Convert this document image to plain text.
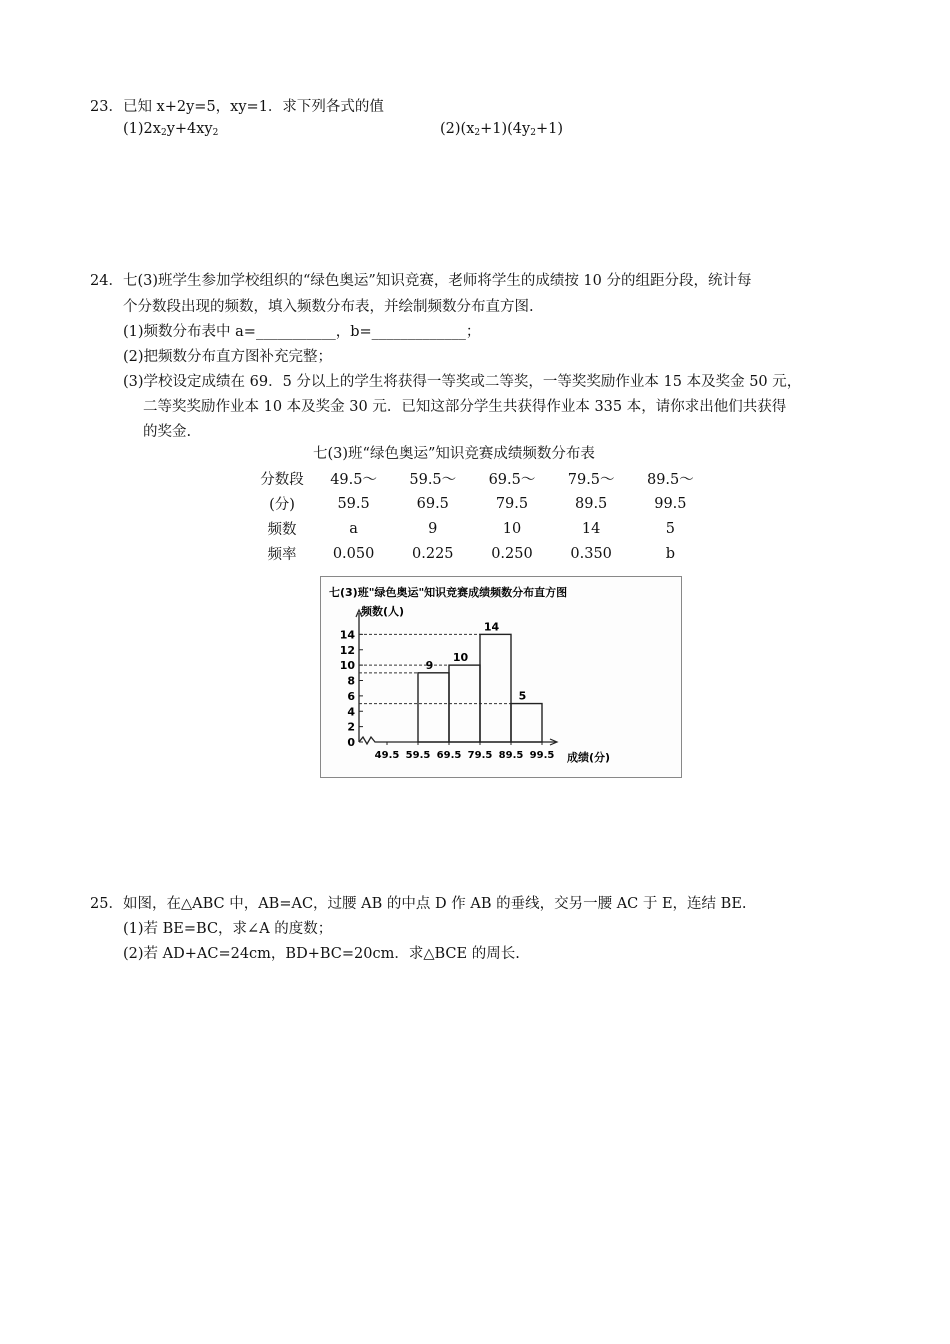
23．已知 x+2y=5，xy=1．求下列各式的值
$(1)2x^2y+4xy^2$	$(2)(x^2+1)(4y^2+1)$
24．七(3)班学生参加学校组织的“绿色奥运”知识竞赛，老师将学生的成绩按 10 分的组距分段，统计每
个分数段出现的频数，填入频数分布表，并绘制频数分布直方图.
(1)频数分布表中 a=___________，b=_____________；
(2)把频数分布直方图补充完整；
(3)学校设定成绩在 69．5 分以上的学生将获得一等奖或二等奖，一等奖奖励作业本 15 本及奖金 50 元，
二等奖奖励作业本 10 本及奖金 30 元．已知这部分学生共获得作业本 335 本，请你求出他们共获得
的奖金.
七(3)班“绿色奥运”知识竞赛成绩频数分布表
分数段	49.5～	59.5～	69.5～	79.5～	89.5～
(分)	59.5	69.5	79.5	89.5	99.5
频数	a	9	10	14	5
频率	0.050	0.225	0.250	0.350	b
七(3)班"绿色奥运"知识竞赛成绩频数分布直方图
频数(人)
成绩(分)
0
2
4
6
8
10
12
14
49.5 59.5 69.5 79.5 89.5 99.5
9
10
14
5
25．如图，在△ABC 中，AB=AC，过腰 AB 的中点 D 作 AB 的垂线，交另一腰 AC 于 E，连结 BE.
(1)若 BE=BC，求∠A 的度数；
(2)若 AD+AC=24cm，BD+BC=20cm．求△BCE 的周长.
